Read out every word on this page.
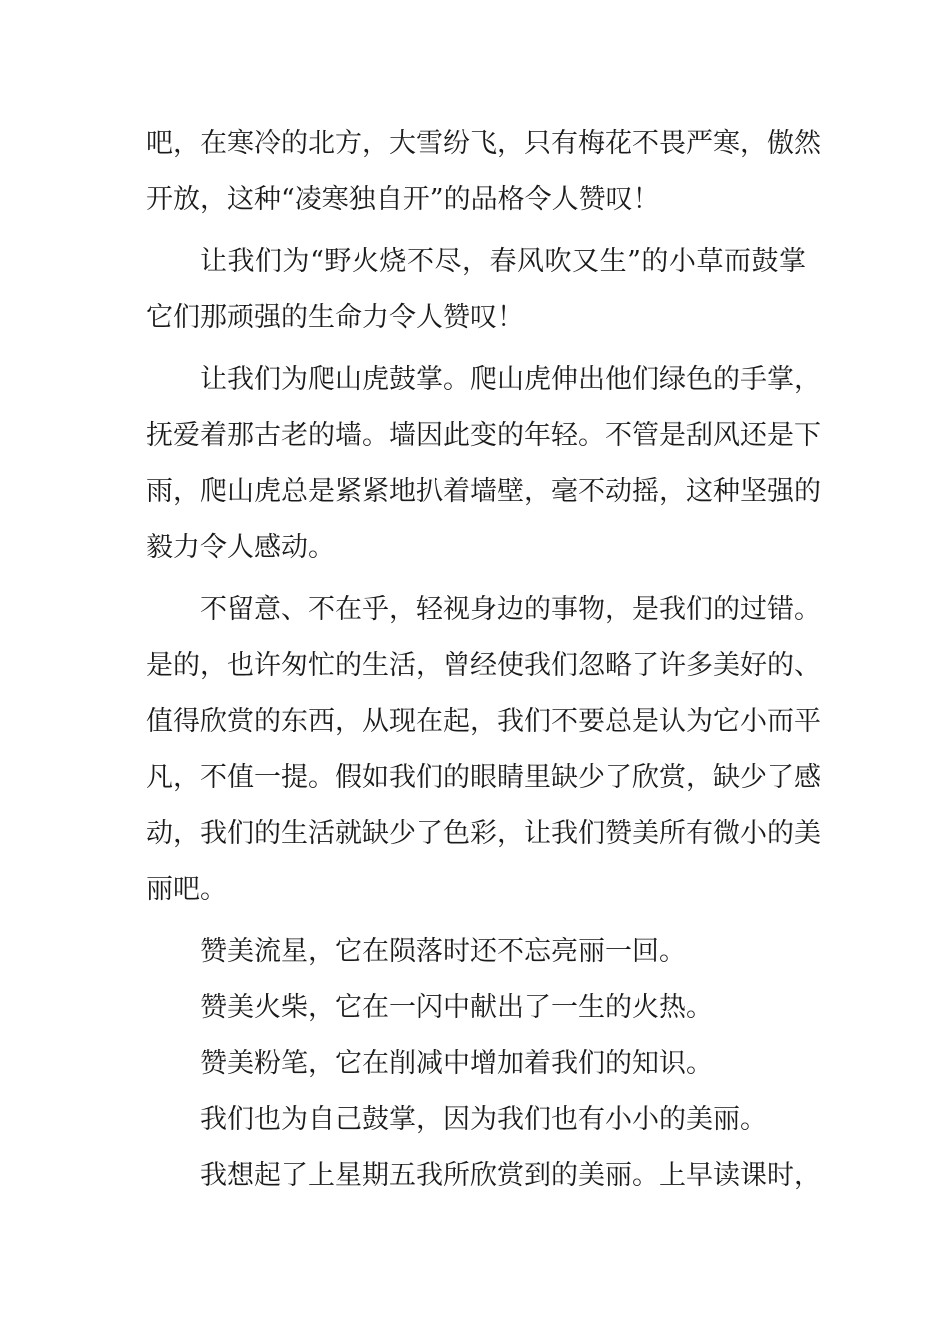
吧，在寒冷的北方，大雪纷飞，只有梅花不畏严寒，傲然
开放，这种“凌寒独自开”的品格令人赞叹！
让我们为“野火烧不尽，春风吹又生”的小草而鼓掌
它们那顽强的生命力令人赞叹！
让我们为爬山虎鼓掌。爬山虎伸出他们绿色的手掌，
抚爱着那古老的墙。墙因此变的年轻。不管是刮风还是下
雨，爬山虎总是紧紧地扒着墙壁，毫不动摇，这种坚强的
毅力令人感动。
不留意、不在乎，轻视身边的事物，是我们的过错。
是的，也许匆忙的生活，曾经使我们忽略了许多美好的、
值得欣赏的东西，从现在起，我们不要总是认为它小而平
凡，不值一提。假如我们的眼睛里缺少了欣赏，缺少了感
动，我们的生活就缺少了色彩，让我们赞美所有微小的美
丽吧。
赞美流星，它在陨落时还不忘亮丽一回。
赞美火柴，它在一闪中献出了一生的火热。
赞美粉笔，它在削减中增加着我们的知识。
我们也为自己鼓掌，因为我们也有小小的美丽。
我想起了上星期五我所欣赏到的美丽。上早读课时，
